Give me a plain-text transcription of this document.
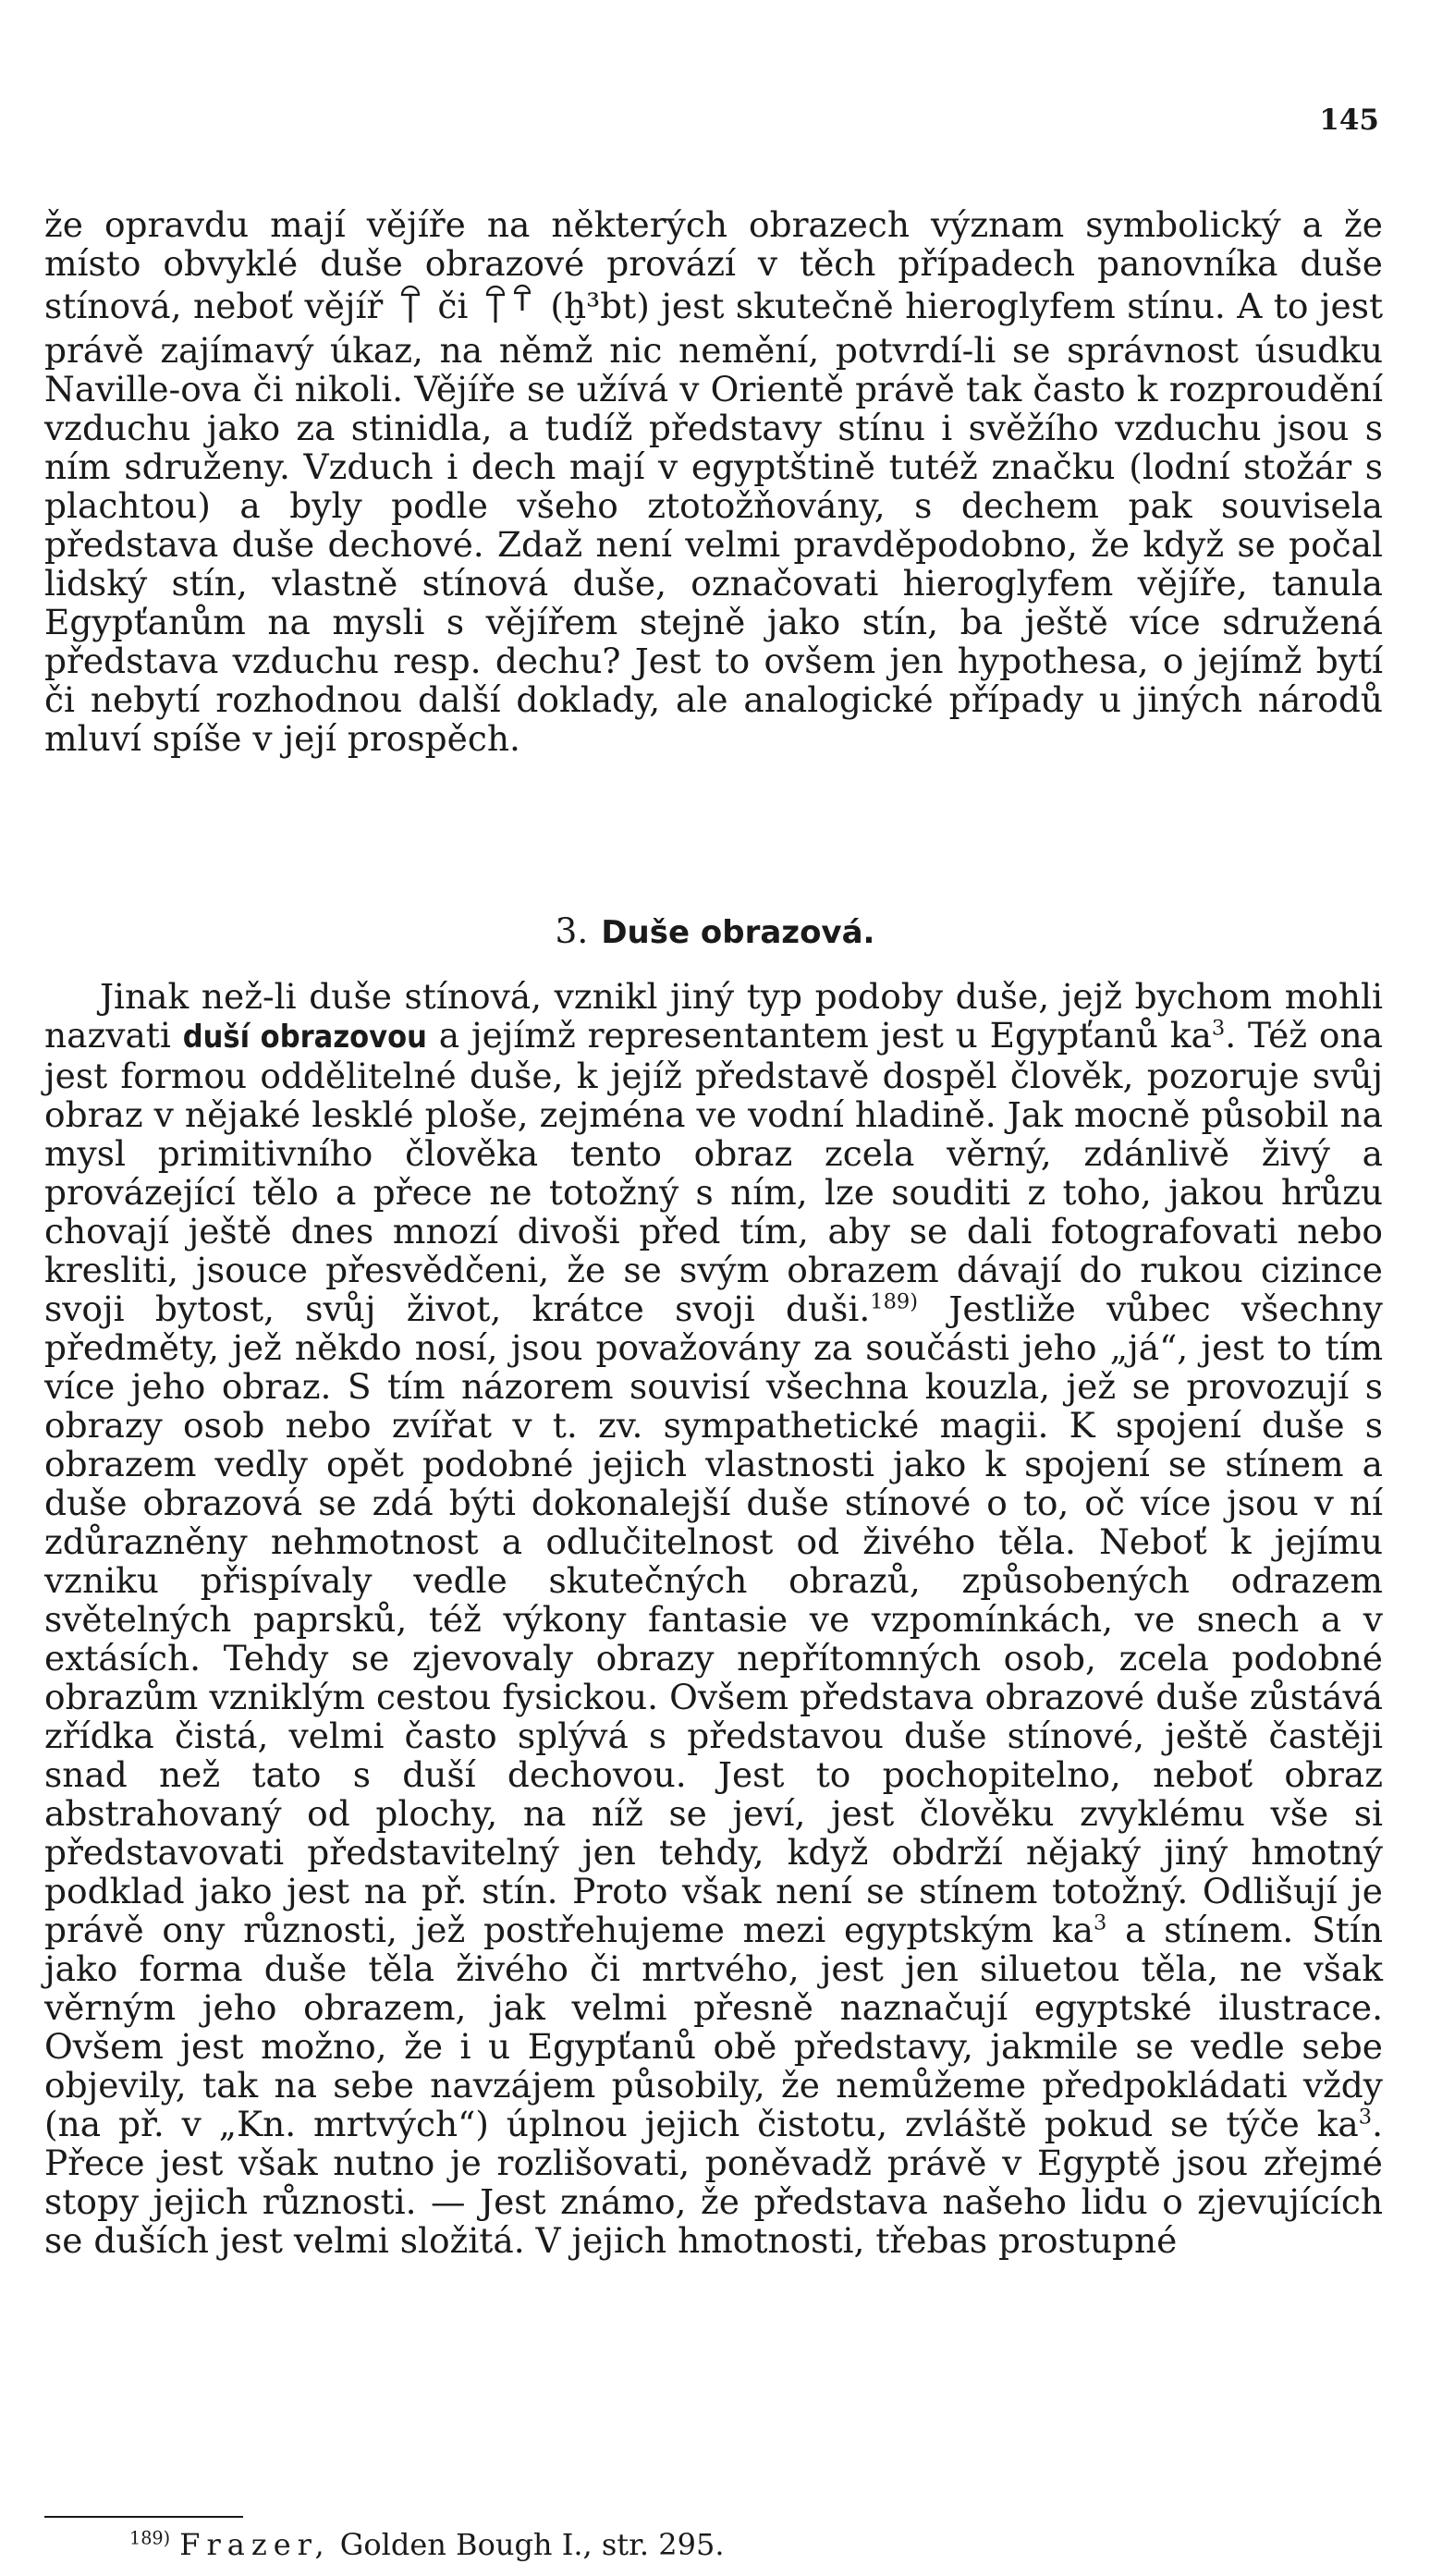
145

že opravdu mají vějíře na některých obrazech význam symbolický a že místo obvyklé duše obrazové provází v těch případech panovníka duše stínová, neboť vějíř či (ḫ³bt) jest skutečně hieroglyfem stínu. A to jest právě zajímavý úkaz, na němž nic nemění, potvrdí-li se správnost úsudku Naville-ova či nikoli. Vějíře se užívá v Orientě právě tak často k rozproudění vzduchu jako za stinidla, a tudíž představy stínu i svěžího vzduchu jsou s ním sdruženy. Vzduch i dech mají v egyptštině tutéž značku (lodní stožár s plachtou) a byly podle všeho ztotožňovány, s dechem pak souvisela představa duše dechové. Zdaž není velmi pravděpodobno, že když se počal lidský stín, vlastně stínová duše, označovati hieroglyfem vějíře, tanula Egypťanům na mysli s vějířem stejně jako stín, ba ještě více sdružená představa vzduchu resp. dechu? Jest to ovšem jen hypothesa, o jejímž bytí či nebytí rozhodnou další doklady, ale analogické případy u jiných národů mluví spíše v její prospěch.

3. Duše obrazová.

Jinak než-li duše stínová, vznikl jiný typ podoby duše, jejž bychom mohli nazvati duší obrazovou a jejímž representantem jest u Egypťanů $ka^3$. Též ona jest formou oddělitelné duše, k jejíž představě dospěl člověk, pozoruje svůj obraz v nějaké lesklé ploše, zejména ve vodní hladině. Jak mocně působil na mysl primitivního člověka tento obraz zcela věrný, zdánlivě živý a provázející tělo a přece ne totožný s ním, lze souditi z toho, jakou hrůzu chovají ještě dnes mnozí divoši před tím, aby se dali fotografovati nebo kresliti, jsouce přesvědčeni, že se svým obrazem dávají do rukou cizince svoji bytost, svůj život, krátce svoji duši.$^{189)}$ Jestliže vůbec všechny předměty, jež někdo nosí, jsou považovány za součásti jeho „já“, jest to tím více jeho obraz. S tím názorem souvisí všechna kouzla, jež se provozují s obrazy osob nebo zvířat v t. zv. sympathetické magii. K spojení duše s obrazem vedly opět podobné jejich vlastnosti jako k spojení se stínem a duše obrazová se zdá býti dokonalejší duše stínové o to, oč více jsou v ní zdůrazněny nehmotnost a odlučitelnost od živého těla. Neboť k jejímu vzniku přispívaly vedle skutečných obrazů, způsobených odrazem světelných paprsků, též výkony fantasie ve vzpomínkách, ve snech a v extásích. Tehdy se zjevovaly obrazy nepřítomných osob, zcela podobné obrazům vzniklým cestou fysickou. Ovšem představa obrazové duše zůstává zřídka čistá, velmi často splývá s představou duše stínové, ještě častěji snad než tato s duší dechovou. Jest to pochopitelno, neboť obraz abstrahovaný od plochy, na níž se jeví, jest člověku zvyklému vše si představovati představitelný jen tehdy, když obdrží nějaký jiný hmotný podklad jako jest na př. stín. Proto však není se stínem totožný. Odlišují je právě ony různosti, jež postřehujeme mezi egyptským $ka^3$ a stínem. Stín jako forma duše těla živého či mrtvého, jest jen siluetou těla, ne však věrným jeho obrazem, jak velmi přesně naznačují egyptské ilustrace. Ovšem jest možno, že i u Egypťanů obě představy, jakmile se vedle sebe objevily, tak na sebe navzájem působily, že nemůžeme předpokládati vždy (na př. v „Kn. mrtvých“) úplnou jejich čistotu, zvláště pokud se týče $ka^3$. Přece jest však nutno je rozlišovati, poněvadž právě v Egyptě jsou zřejmé stopy jejich různosti. — Jest známo, že představa našeho lidu o zjevujících se duších jest velmi složitá. V jejich hmotnosti, třebas prostupné

$^{189)}$ Frazer, Golden Bough I., str. 295.
